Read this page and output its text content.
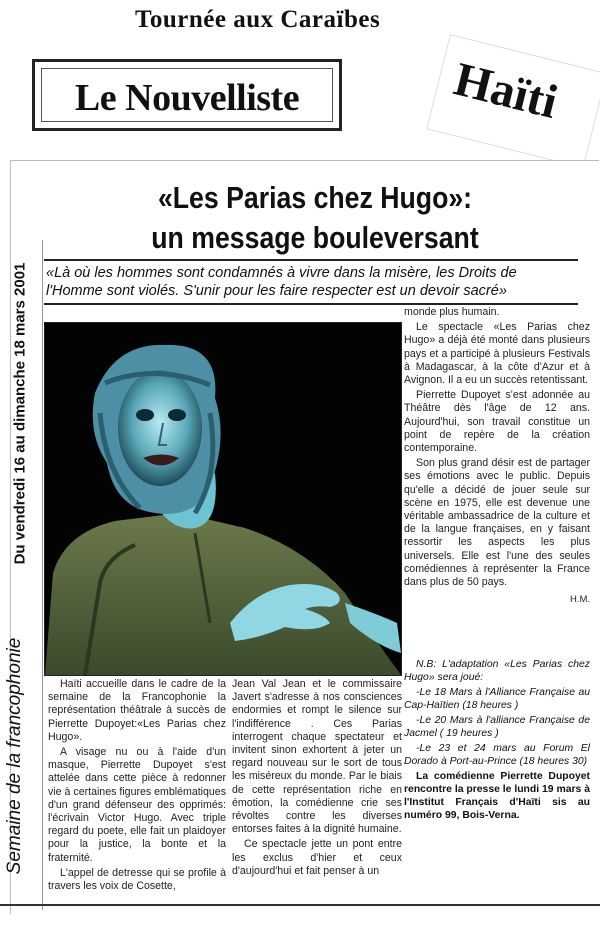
Tournée aux Caraïbes
Le Nouvelliste	Haïti
Du vendredi 16 au dimanche 18 mars 2001
Semaine de la francophonie
«Les Parias chez Hugo»:
un message bouleversant
«Là où les hommes sont condamnés à vivre dans la misère, les Droits de l'Homme sont violés. S'unir pour les faire respecter est un devoir sacré»

Haïti accueille dans le cadre de la semaine de la Francophonie la représentation théâtrale à succès de Pierrette Dupoyet:«Les Parias chez Hugo».

A visage nu ou à l'aide d'un masque, Pierrette Dupoyet s'est attelée dans cette pièce à redonner vie à certaines figures emblématiques d'un grand défenseur des opprimés: l'écrivain Victor Hugo. Avec triple regard du poete, elle fait un plaidoyer pour la justice, la bonte et la fraternité.

L'appel de detresse qui se profile à travers les voix de Cosette,

Jean Val Jean et le commissaire Javert s'adresse à nos consciences endormies et rompt le silence sur l'indifférence . Ces Parias interrogent chaque spectateur et invitent sinon exhortent à jeter un regard nouveau sur le sort de tous les miséreux du monde. Par le biais de cette représentation riche en émotion, la comédienne crie ses révoltes contre les diverses entorses faites à la dignité humaine.

Ce spectacle jette un pont entre les exclus d'hier et ceux d'aujourd'hui et fait penser à un

monde plus humain.

Le spectacle «Les Parias chez Hugo» a déjà été monté dans plusieurs pays et a participé à plusieurs Festivals à Madagascar, à la côte d'Azur et à Avignon. Il a eu un succès retentissant.

Pierrette Dupoyet s'est adonnée au Théâtre dès l'âge de 12 ans. Aujourd'hui, son travail constitue un point de repère de la création contemporaine.

Son plus grand désir est de partager ses émotions avec le public. Depuis qu'elle a décidé de jouer seule sur scène en 1975, elle est devenue une véritable ambassadrice de la culture et de la langue françaises, en y faisant ressortir les aspects les plus universels. Elle est l'une des seules comédiennes à représenter la France dans plus de 50 pays.

H.M.

N.B: L'adaptation «Les Parias chez Hugo» sera joué:

-Le 18 Mars à l'Alliance Française au Cap-Haïtien (18 heures )

-Le 20 Mars à l'alliance Française de Jacmel ( 19 heures )

-Le 23 et 24 mars au Forum El Dorado à Port-au-Prince (18 heures 30)

La comédienne Pierrette Dupoyet rencontre la presse le lundi 19 mars à l'Institut Français d'Haïti sis au numéro 99, Bois-Verna.
